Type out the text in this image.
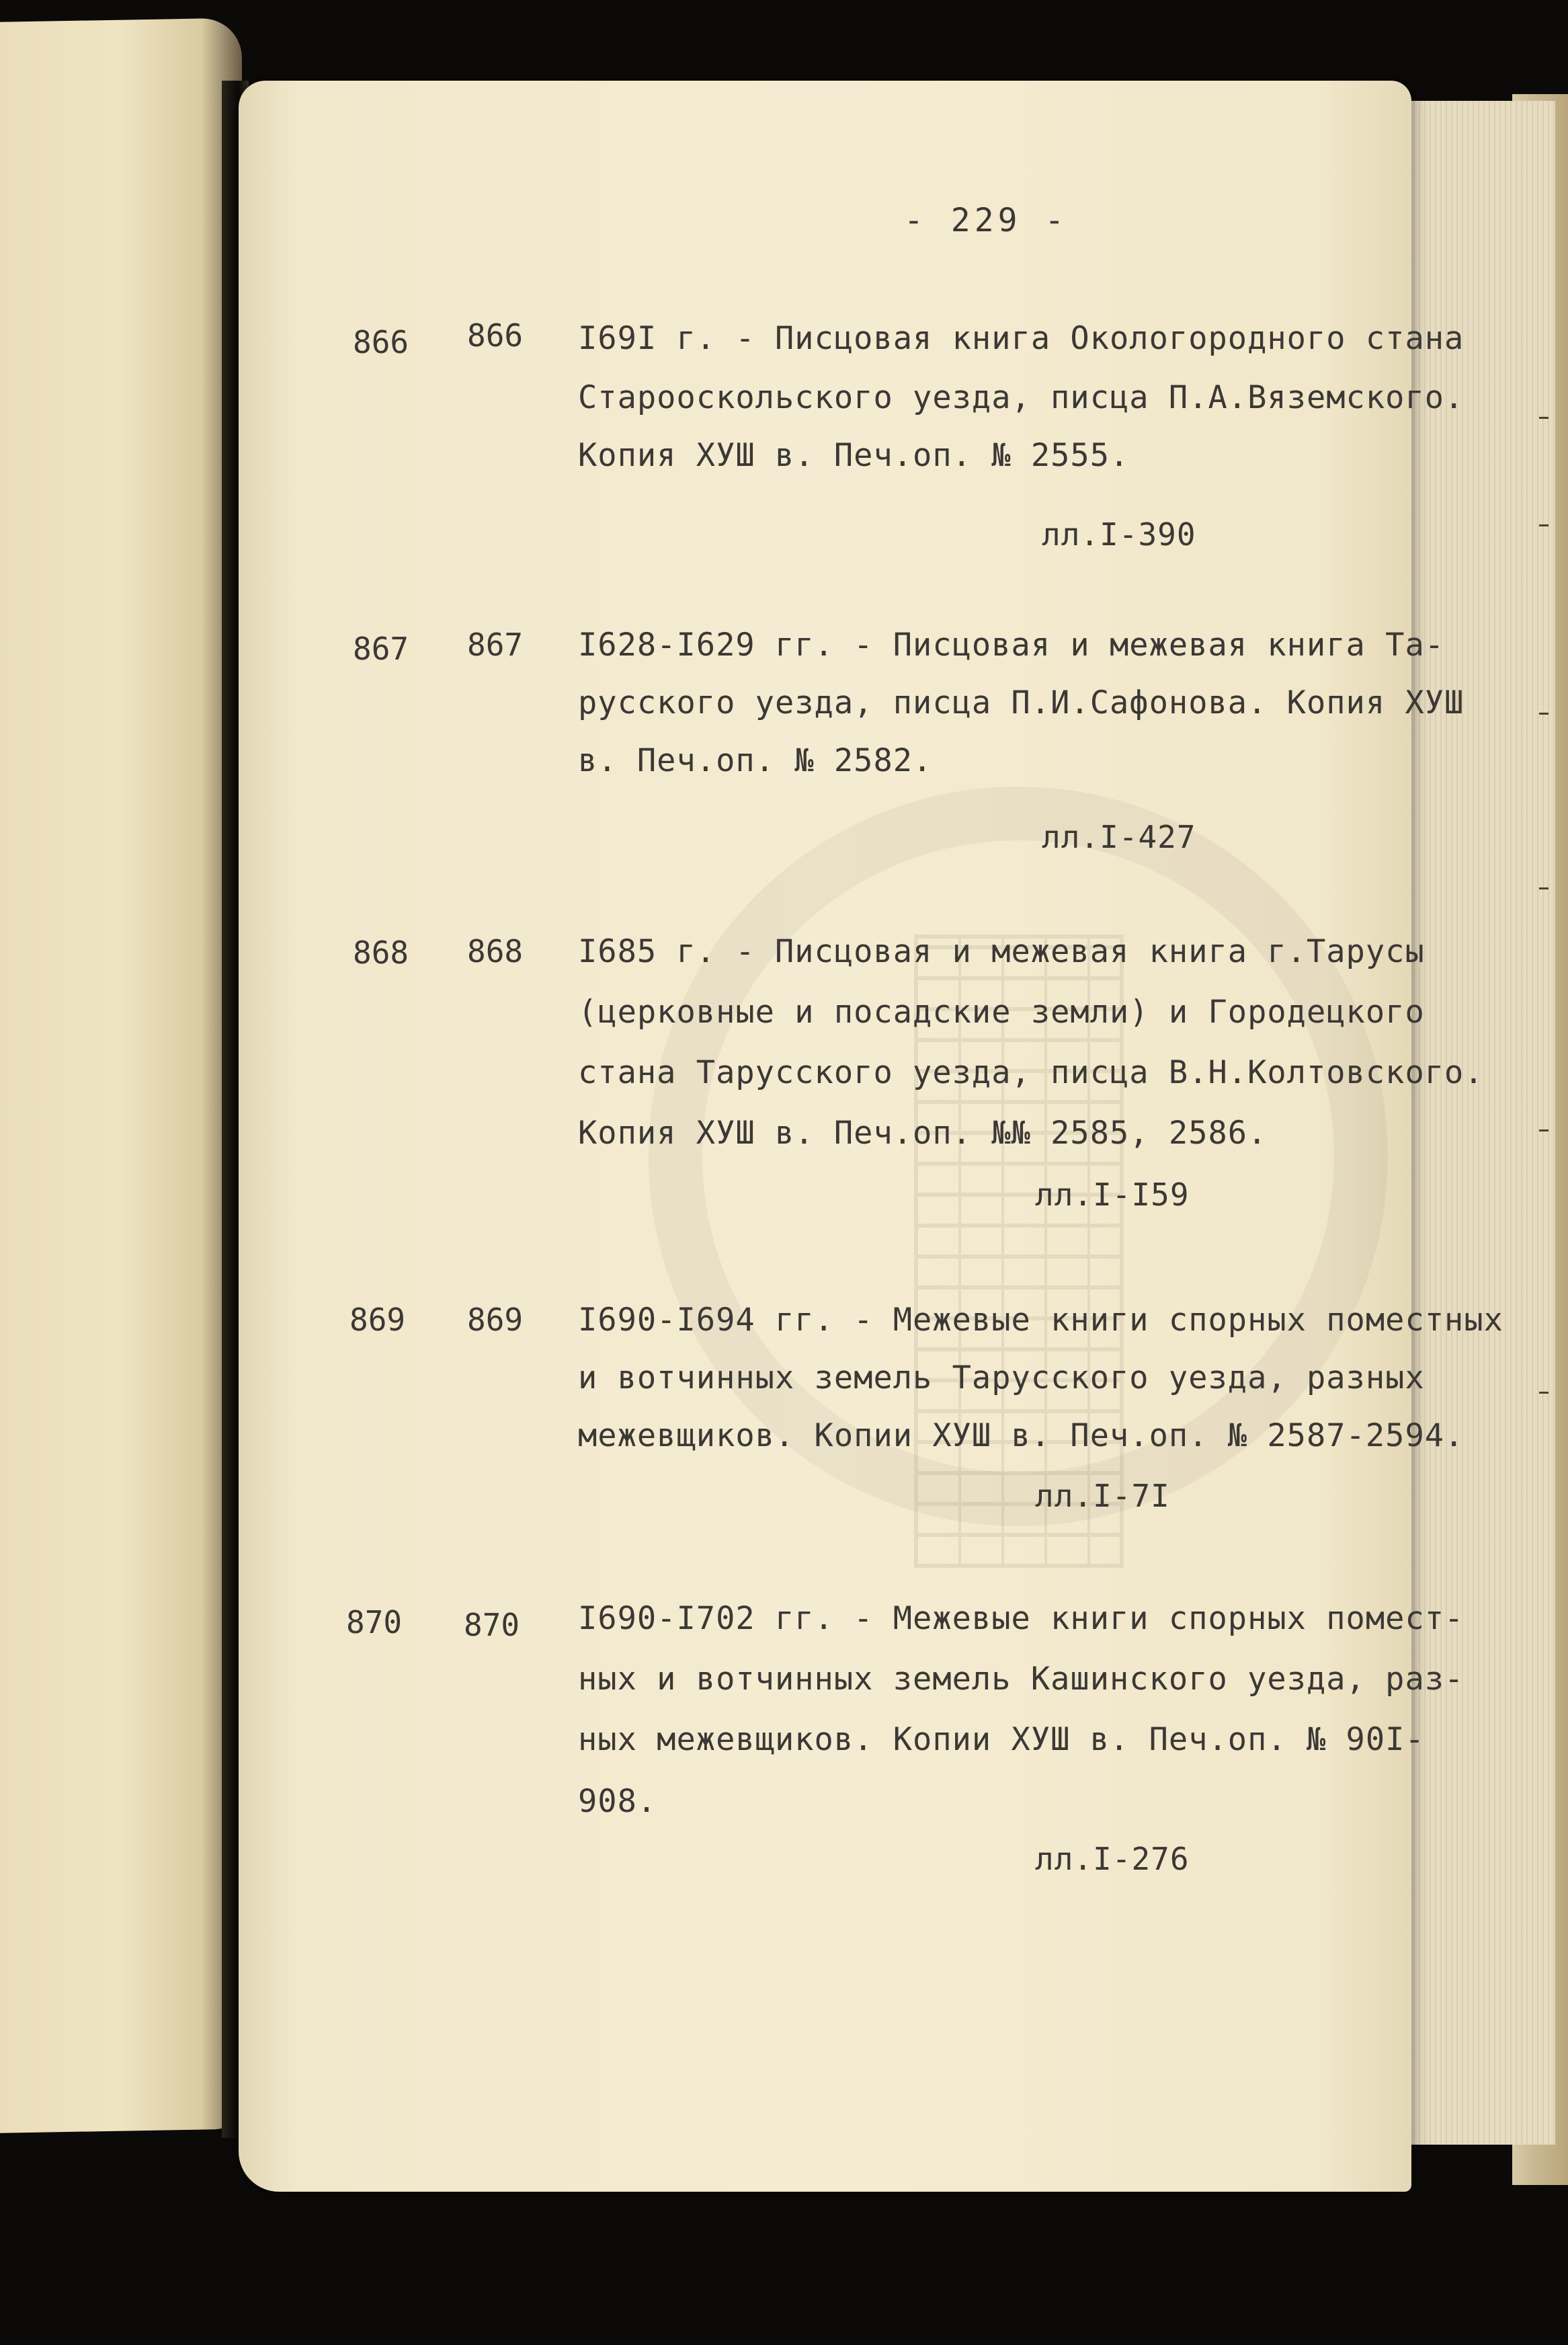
- 229 -
866 866 I69I г. - Писцовая книга Окологородного стана
Старооскольского уезда, писца П.А.Вяземского.
Копия ХУШ в. Печ.оп. № 2555.
лл.I-390
867 867 I628-I629 гг. - Писцовая и межевая книга Та-
русского уезда, писца П.И.Сафонова. Копия ХУШ
в. Печ.оп. № 2582.
лл.I-427
868 868 I685 г. - Писцовая и межевая книга г.Тарусы
(церковные и посадские земли) и Городецкого
стана Тарусского уезда, писца В.Н.Колтовского.
Копия ХУШ в. Печ.оп. №№ 2585, 2586.
лл.I-I59
869 869 I690-I694 гг. - Межевые книги спорных поместных
и вотчинных земель Тарусского уезда, разных
межевщиков. Копии ХУШ в. Печ.оп. № 2587-2594.
лл.I-7I
870 870 I690-I702 гг. - Межевые книги спорных помест-
ных и вотчинных земель Кашинского уезда, раз-
ных межевщиков. Копии ХУШ в. Печ.оп. № 90I-
908.
лл.I-276
